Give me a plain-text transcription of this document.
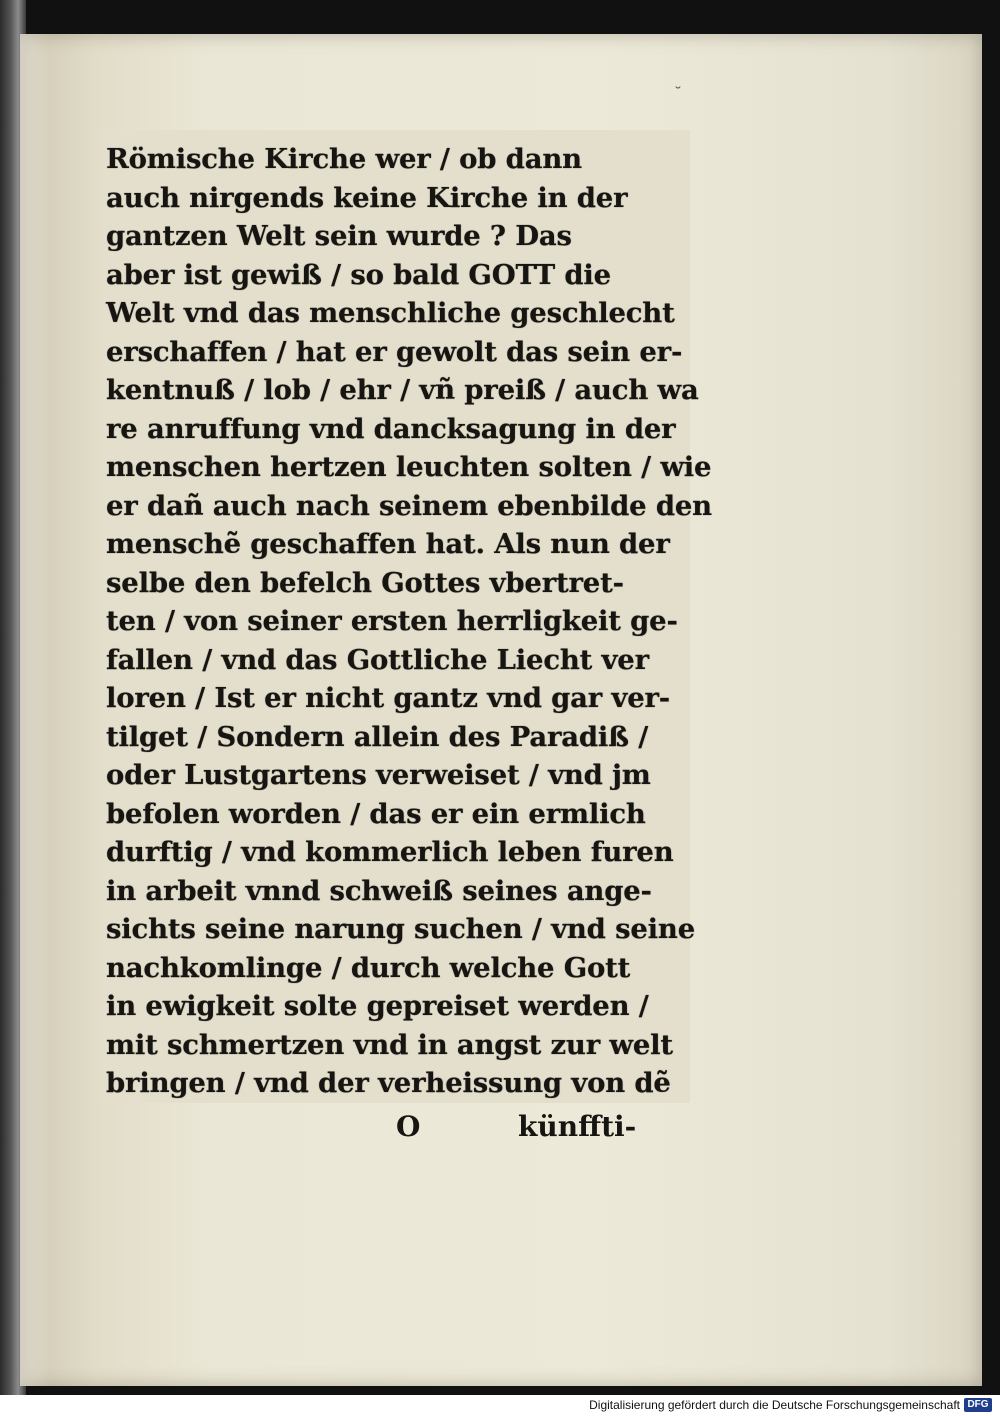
˘
Römische Kirche wer / ob dann
auch nirgends keine Kirche in der
gantzen Welt sein wurde ? Das
aber ist gewiß / so bald GOTT die
Welt vnd das menschliche geschlecht
erschaffen / hat er gewolt das sein er-
kentnuß / lob / ehr / vñ preiß / auch wa
re anruffung vnd dancksagung in der
menschen hertzen leuchten solten / wie
er dañ auch nach seinem ebenbilde den
menschẽ geschaffen hat. Als nun der
selbe den befelch Gottes vbertret-
ten / von seiner ersten herrligkeit ge-
fallen / vnd das Gottliche Liecht ver
loren / Ist er nicht gantz vnd gar ver-
tilget / Sondern allein des Paradiß /
oder Lustgartens verweiset / vnd jm
befolen worden / das er ein ermlich
durftig / vnd kommerlich leben furen
in arbeit vnnd schweiß seines ange-
sichts seine narung suchen / vnd seine
nachkomlinge / durch welche Gott
in ewigkeit solte gepreiset werden /
mit schmertzen vnd in angst zur welt
bringen / vnd der verheissung von dẽ
O	künffti-
Digitalisierung gefördert durch die Deutsche Forschungsgemeinschaft DFG
